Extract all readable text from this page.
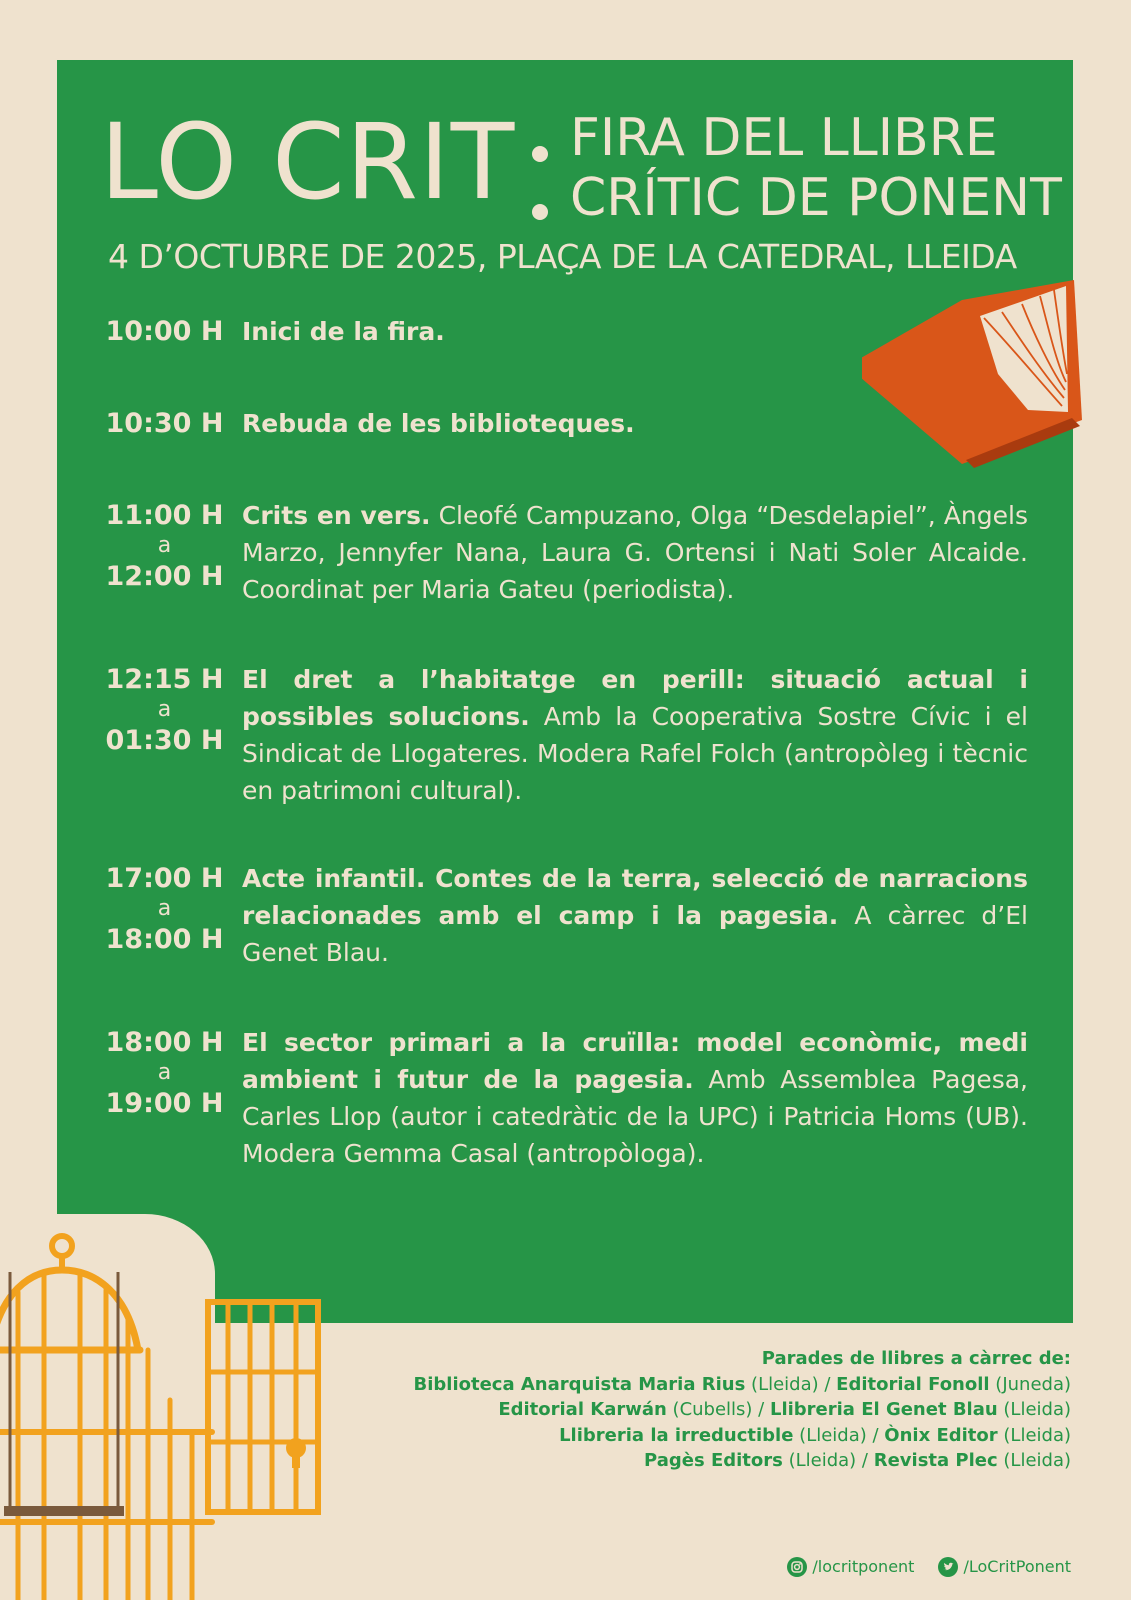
LO CRIT FIRA DEL LLIBRE
CRÍTIC DE PONENT
4 D’OCTUBRE DE 2025, PLAÇA DE LA CATEDRAL, LLEIDA
10:00 H Inici de la fira.
10:30 H Rebuda de les biblioteques.
11:00 H
a
12:00 H
Crits en vers. Cleofé Campuzano, Olga “Desdelapiel”, Àngels Marzo, Jennyfer Nana, Laura G. Ortensi i Nati Soler Alcaide. Coordinat per Maria Gateu (periodista).
12:15 H
a
01:30 H
El dret a l’habitatge en perill: situació actual i possibles solucions. Amb la Cooperativa Sostre Cívic i el Sindicat de Llogateres. Modera Rafel Folch (antropòleg i tècnic en patrimoni cultural).
17:00 H
a
18:00 H
Acte infantil. Contes de la terra, selecció de narracions relacionades amb el camp i la pagesia. A càrrec d’El Genet Blau.
18:00 H
a
19:00 H
El sector primari a la cruïlla: model econòmic, medi ambient i futur de la pagesia. Amb Assemblea Pagesa, Carles Llop (autor i catedràtic de la UPC) i Patricia Homs (UB). Modera Gemma Casal (antropòloga).
Parades de llibres a càrrec de:
Biblioteca Anarquista Maria Rius (Lleida) / Editorial Fonoll (Juneda)
Editorial Karwán (Cubells) / Llibreria El Genet Blau (Lleida)
Llibreria la irreductible (Lleida) / Ònix Editor (Lleida)
Pagès Editors (Lleida) / Revista Plec (Lleida)
/locritponent	/LoCritPonent
